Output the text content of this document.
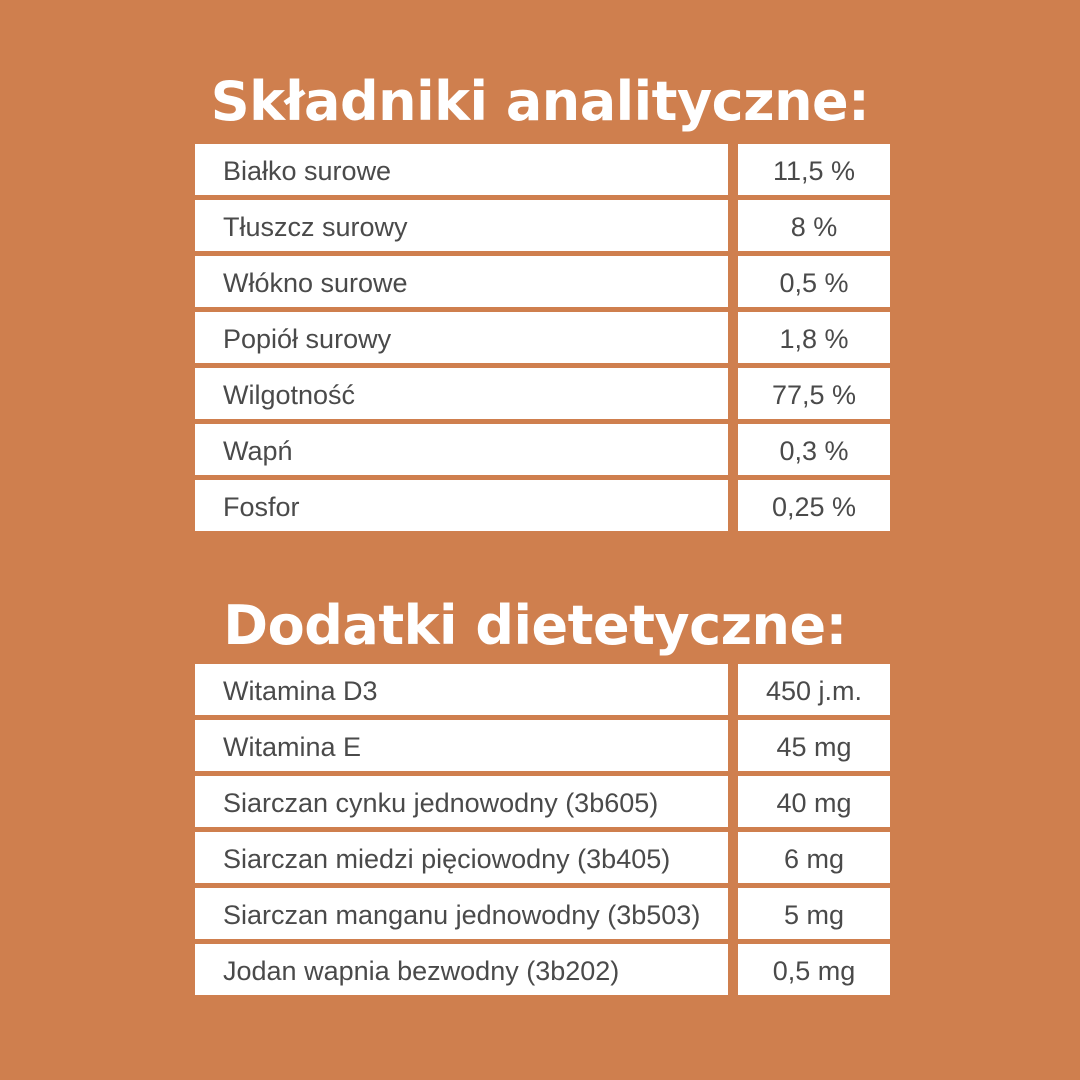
Składniki analityczne:
Białko surowe	11,5 %
Tłuszcz surowy	8 %
Włókno surowe	0,5 %
Popiół surowy	1,8 %
Wilgotność	77,5 %
Wapń	0,3 %
Fosfor	0,25 %
Dodatki dietetyczne:
Witamina D3	450 j.m.
Witamina E	45 mg
Siarczan cynku jednowodny (3b605)	40 mg
Siarczan miedzi pięciowodny (3b405)	6 mg
Siarczan manganu jednowodny (3b503)	5 mg
Jodan wapnia bezwodny (3b202)	0,5 mg
